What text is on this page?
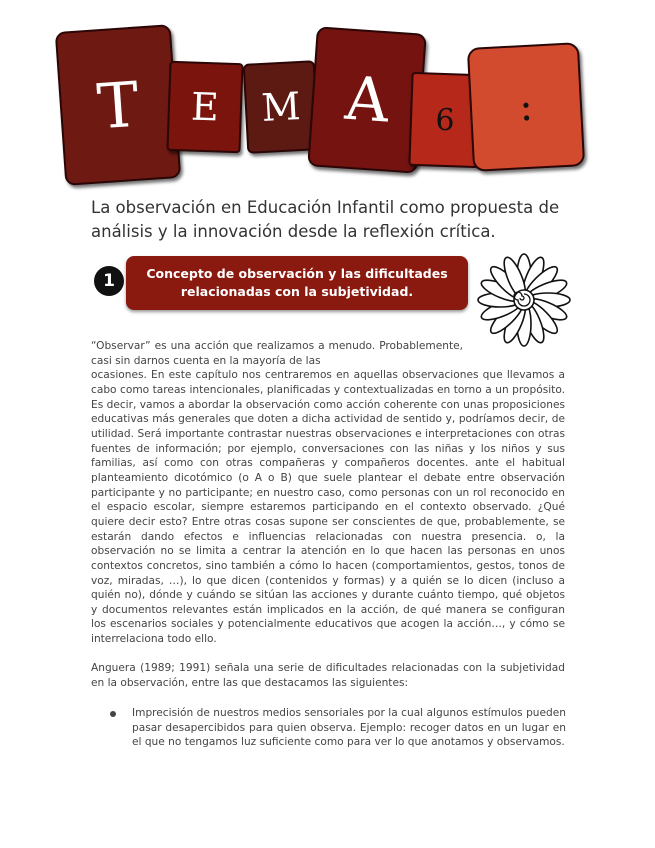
T E M A 6 :
La observación en Educación Infantil como propuesta de análisis y la innovación desde la reflexión crítica.
1	Concepto de observación y las dificultades
relacionadas con la subjetividad.

“Observar” es una acción que realizamos a menudo. Probablemente, casi sin darnos cuenta en la mayoría de las
ocasiones. En este capítulo nos centraremos en aquellas observaciones que llevamos a cabo como tareas intencionales, planificadas y contextualizadas en torno a un propósito. Es decir, vamos a abordar la observación como acción coherente con unas proposiciones educativas más generales que doten a dicha actividad de sentido y, podríamos decir, de utilidad. Será importante contrastar nuestras observaciones e interpretaciones con otras fuentes de información; por ejemplo, conversaciones con las niñas y los niños y sus familias, así como con otras compañeras y compañeros docentes. ante el habitual planteamiento dicotómico (o A o B) que suele plantear el debate entre observación participante y no participante; en nuestro caso, como personas con un rol reconocido en el espacio escolar, siempre estaremos participando en el contexto observado. ¿Qué quiere decir esto? Entre otras cosas supone ser conscientes de que, probablemente, se estarán dando efectos e influencias relacionadas con nuestra presencia. o, la observación no se limita a centrar la atención en lo que hacen las personas en unos contextos concretos, sino también a cómo lo hacen (comportamientos, gestos, tonos de voz, miradas, …), lo que dicen (contenidos y formas) y a quién se lo dicen (incluso a quién no), dónde y cuándo se sitúan las acciones y durante cuánto tiempo, qué objetos y documentos relevantes están implicados en la acción, de qué manera se configuran los escenarios sociales y potencialmente educativos que acogen la acción…, y cómo se interrelaciona todo ello.

Anguera (1989; 1991) señala una serie de dificultades relacionadas con la subjetividad en la observación, entre las que destacamos las siguientes:

Imprecisión de nuestros medios sensoriales por la cual algunos estímulos pueden pasar desapercibidos para quien observa. Ejemplo: recoger datos en un lugar en el que no tengamos luz suficiente como para ver lo que anotamos y observamos.
